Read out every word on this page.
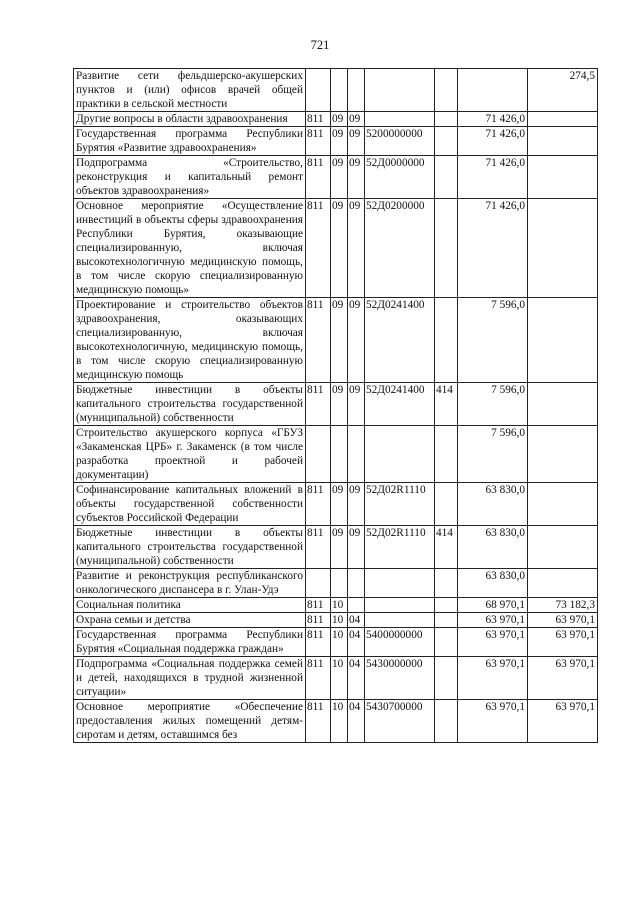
721
Развитие сети фельдшерско-акушерских пунктов и (или) офисов врачей общей практики в сельской местности							274,5
Другие вопросы в области здравоохранения	811	09	09			71 426,0	
Государственная программа Республики Бурятия «Развитие здравоохранения»	811	09	09	5200000000		71 426,0	
Подпрограмма «Строительство, реконструкция и капитальный ремонт объектов здравоохранения»	811	09	09	52Д0000000		71 426,0	
Основное мероприятие «Осуществление инвестиций в объекты сферы здравоохранения Республики Бурятия, оказывающие специализированную, включая высокотехнологичную медицинскую помощь, в том числе скорую специализированную медицинскую помощь»	811	09	09	52Д0200000		71 426,0	
Проектирование и строительство объектов здравоохранения, оказывающих специализированную, включая высокотехнологичную, медицинскую помощь, в том числе скорую специализированную медицинскую помощь	811	09	09	52Д0241400		7 596,0	
Бюджетные инвестиции в объекты капитального строительства государственной (муниципальной) собственности	811	09	09	52Д0241400	414	7 596,0	
Строительство акушерского корпуса «ГБУЗ «Закаменская ЦРБ» г. Закаменск (в том числе разработка проектной и рабочей документации)						7 596,0	
Софинансирование капитальных вложений в объекты государственной собственности субъектов Российской Федерации	811	09	09	52Д02R1110		63 830,0	
Бюджетные инвестиции в объекты капитального строительства государственной (муниципальной) собственности	811	09	09	52Д02R1110	414	63 830,0	
Развитие и реконструкция республиканского онкологического диспансера в г. Улан-Удэ						63 830,0	
Социальная политика	811	10				68 970,1	73 182,3
Охрана семьи и детства	811	10	04			63 970,1	63 970,1
Государственная программа Республики Бурятия «Социальная поддержка граждан»	811	10	04	5400000000		63 970,1	63 970,1
Подпрограмма «Социальная поддержка семей и детей, находящихся в трудной жизненной ситуации»	811	10	04	5430000000		63 970,1	63 970,1
Основное мероприятие «Обеспечение предоставления жилых помещений детям-сиротам и детям, оставшимся без	811	10	04	5430700000		63 970,1	63 970,1
